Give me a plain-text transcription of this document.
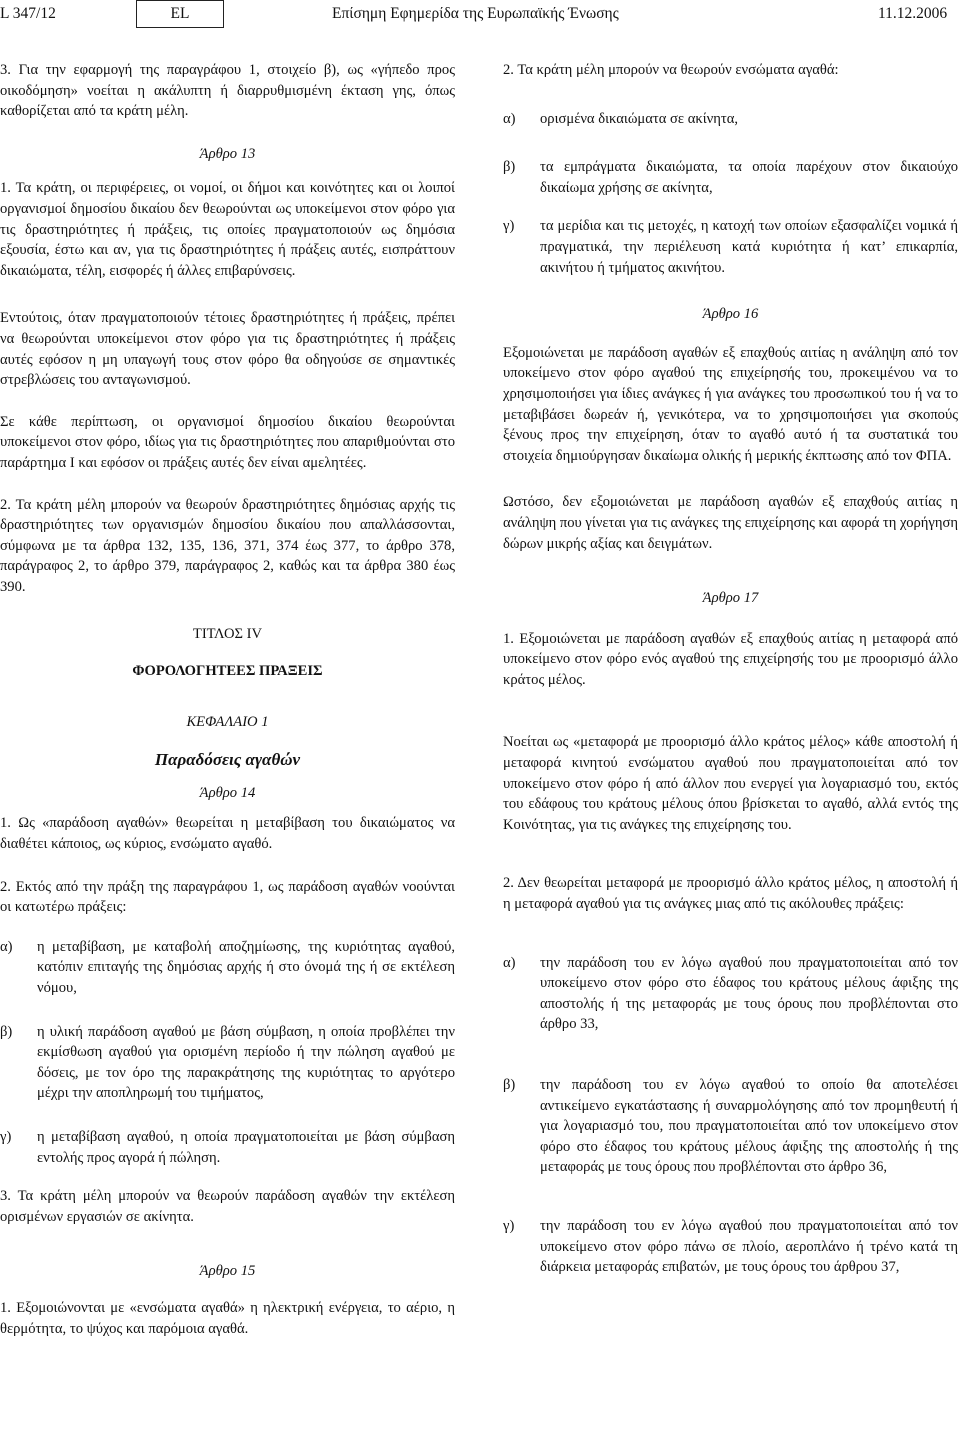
L 347/12	EL	Επίσημη Εφημερίδα της Ευρωπαϊκής Ένωσης	11.12.2006

3. Για την εφαρμογή της παραγράφου 1, στοιχείο β), ως «γήπεδο προς οικοδόμηση» νοείται η ακάλυπτη ή διαρρυθμισμένη έκταση γης, όπως καθορίζεται από τα κράτη μέλη.

Άρθρο 13

1. Τα κράτη, οι περιφέρειες, οι νομοί, οι δήμοι και κοινότητες και οι λοιποί οργανισμοί δημοσίου δικαίου δεν θεωρούνται ως υποκείμενοι στον φόρο για τις δραστηριότητες ή πράξεις, τις οποίες πραγματοποιούν ως δημόσια εξουσία, έστω και αν, για τις δραστηριότητες ή πράξεις αυτές, εισπράττουν δικαιώματα, τέλη, εισφορές ή άλλες επιβαρύνσεις.

Εντούτοις, όταν πραγματοποιούν τέτοιες δραστηριότητες ή πράξεις, πρέπει να θεωρούνται υποκείμενοι στον φόρο για τις δραστηριότητες ή πράξεις αυτές εφόσον η μη υπαγωγή τους στον φόρο θα οδηγούσε σε σημαντικές στρεβλώσεις του ανταγωνισμού.

Σε κάθε περίπτωση, οι οργανισμοί δημοσίου δικαίου θεωρούνται υποκείμενοι στον φόρο, ιδίως για τις δραστηριότητες που απαριθμούνται στο παράρτημα I και εφόσον οι πράξεις αυτές δεν είναι αμελητέες.

2. Τα κράτη μέλη μπορούν να θεωρούν δραστηριότητες δημόσιας αρχής τις δραστηριότητες των οργανισμών δημοσίου δικαίου που απαλλάσσονται, σύμφωνα με τα άρθρα 132, 135, 136, 371, 374 έως 377, το άρθρο 378, παράγραφος 2, το άρθρο 379, παράγραφος 2, καθώς και τα άρθρα 380 έως 390.

ΤΙΤΛΟΣ IV

ΦΟΡΟΛΟΓΗΤΕΕΣ ΠΡΑΞΕΙΣ

ΚΕΦΑΛΑΙΟ 1

Παραδόσεις αγαθών

Άρθρο 14

1. Ως «παράδοση αγαθών» θεωρείται η μεταβίβαση του δικαιώματος να διαθέτει κάποιος, ως κύριος, ενσώματο αγαθό.

2. Εκτός από την πράξη της παραγράφου 1, ως παράδοση αγαθών νοούνται οι κατωτέρω πράξεις:

α)	η μεταβίβαση, με καταβολή αποζημίωσης, της κυριότητας αγαθού, κατόπιν επιταγής της δημόσιας αρχής ή στο όνομά της ή σε εκτέλεση νόμου,
β)	η υλική παράδοση αγαθού με βάση σύμβαση, η οποία προβλέπει την εκμίσθωση αγαθού για ορισμένη περίοδο ή την πώληση αγαθού με δόσεις, με τον όρο της παρακράτησης της κυριότητας το αργότερο μέχρι την αποπληρωμή του τιμήματος,
γ)	η μεταβίβαση αγαθού, η οποία πραγματοποιείται με βάση σύμβαση εντολής προς αγορά ή πώληση.

3. Τα κράτη μέλη μπορούν να θεωρούν παράδοση αγαθών την εκτέλεση ορισμένων εργασιών σε ακίνητα.

Άρθρο 15

1. Εξομοιώνονται με «ενσώματα αγαθά» η ηλεκτρική ενέργεια, το αέριο, η θερμότητα, το ψύχος και παρόμοια αγαθά.

2. Τα κράτη μέλη μπορούν να θεωρούν ενσώματα αγαθά:

α)	ορισμένα δικαιώματα σε ακίνητα,
β)	τα εμπράγματα δικαιώματα, τα οποία παρέχουν στον δικαιούχο δικαίωμα χρήσης σε ακίνητα,
γ)	τα μερίδια και τις μετοχές, η κατοχή των οποίων εξασφαλίζει νομικά ή πραγματικά, την περιέλευση κατά κυριότητα ή κατ’ επικαρπία, ακινήτου ή τμήματος ακινήτου.

Άρθρο 16

Εξομοιώνεται με παράδοση αγαθών εξ επαχθούς αιτίας η ανάληψη από τον υποκείμενο στον φόρο αγαθού της επιχείρησής του, προκειμένου να το χρησιμοποιήσει για ίδιες ανάγκες ή για ανάγκες του προσωπικού του ή να το μεταβιβάσει δωρεάν ή, γενικότερα, να το χρησιμοποιήσει για σκοπούς ξένους προς την επιχείρηση, όταν το αγαθό αυτό ή τα συστατικά του στοιχεία δημιούργησαν δικαίωμα ολικής ή μερικής έκπτωσης από τον ΦΠΑ.

Ωστόσο, δεν εξομοιώνεται με παράδοση αγαθών εξ επαχθούς αιτίας η ανάληψη που γίνεται για τις ανάγκες της επιχείρησης και αφορά τη χορήγηση δώρων μικρής αξίας και δειγμάτων.

Άρθρο 17

1. Εξομοιώνεται με παράδοση αγαθών εξ επαχθούς αιτίας η μεταφορά από υποκείμενο στον φόρο ενός αγαθού της επιχείρησής του με προορισμό άλλο κράτος μέλος.

Νοείται ως «μεταφορά με προορισμό άλλο κράτος μέλος» κάθε αποστολή ή μεταφορά κινητού ενσώματου αγαθού που πραγματοποιείται από τον υποκείμενο στον φόρο ή από άλλον που ενεργεί για λογαριασμό του, εκτός του εδάφους του κράτους μέλους όπου βρίσκεται το αγαθό, αλλά εντός της Κοινότητας, για τις ανάγκες της επιχείρησης του.

2. Δεν θεωρείται μεταφορά με προορισμό άλλο κράτος μέλος, η αποστολή ή η μεταφορά αγαθού για τις ανάγκες μιας από τις ακόλουθες πράξεις:

α)	την παράδοση του εν λόγω αγαθού που πραγματοποιείται από τον υποκείμενο στον φόρο στο έδαφος του κράτους μέλους άφιξης της αποστολής ή της μεταφοράς με τους όρους που προβλέπονται στο άρθρο 33,
β)	την παράδοση του εν λόγω αγαθού το οποίο θα αποτελέσει αντικείμενο εγκατάστασης ή συναρμολόγησης από τον προμηθευτή ή για λογαριασμό του, που πραγματοποιείται από τον υποκείμενο στον φόρο στο έδαφος του κράτους μέλους άφιξης της αποστολής ή της μεταφοράς με τους όρους που προβλέπονται στο άρθρο 36,
γ)	την παράδοση του εν λόγω αγαθού που πραγματοποιείται από τον υποκείμενο στον φόρο πάνω σε πλοίο, αεροπλάνο ή τρένο κατά τη διάρκεια μεταφοράς επιβατών, με τους όρους του άρθρου 37,
